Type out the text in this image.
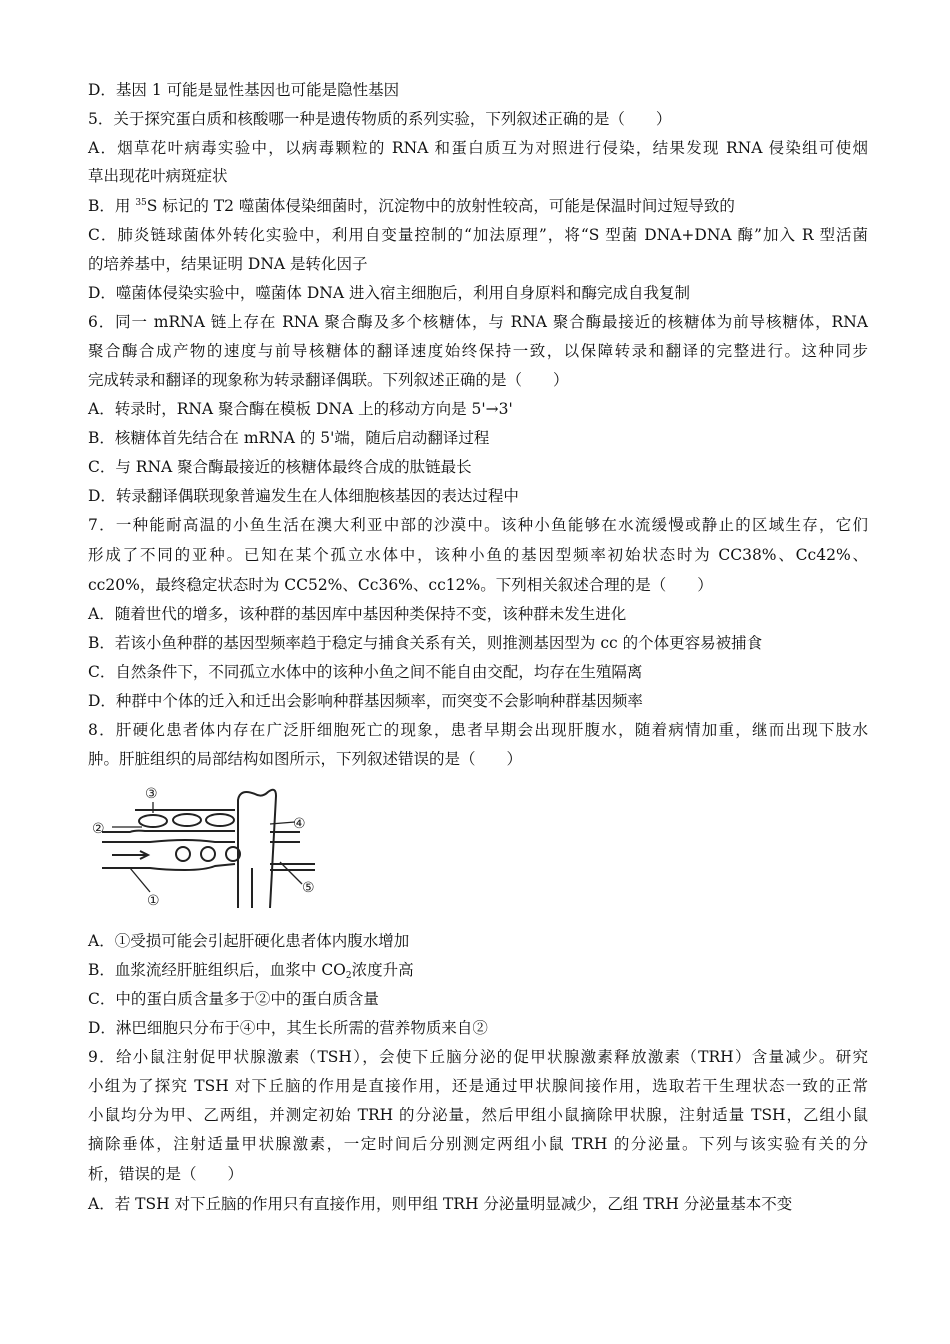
D．基因 1 可能是显性基因也可能是隐性基因
5．关于探究蛋白质和核酸哪一种是遗传物质的系列实验，下列叙述正确的是（　　）
A．烟草花叶病毒实验中，以病毒颗粒的 RNA 和蛋白质互为对照进行侵染，结果发现 RNA 侵染组可使烟
草出现花叶病斑症状
B．用 $^{35}$S 标记的 T2 噬菌体侵染细菌时，沉淀物中的放射性较高，可能是保温时间过短导致的
C．肺炎链球菌体外转化实验中，利用自变量控制的“加法原理”，将“S 型菌 DNA+DNA 酶”加入 R 型活菌
的培养基中，结果证明 DNA 是转化因子
D．噬菌体侵染实验中，噬菌体 DNA 进入宿主细胞后，利用自身原料和酶完成自我复制
6．同一 mRNA 链上存在 RNA 聚合酶及多个核糖体，与 RNA 聚合酶最接近的核糖体为前导核糖体，RNA
聚合酶合成产物的速度与前导核糖体的翻译速度始终保持一致，以保障转录和翻译的完整进行。这种同步
完成转录和翻译的现象称为转录翻译偶联。下列叙述正确的是（　　）
A．转录时，RNA 聚合酶在模板 DNA 上的移动方向是 5'→3'
B．核糖体首先结合在 mRNA 的 5'端，随后启动翻译过程
C．与 RNA 聚合酶最接近的核糖体最终合成的肽链最长
D．转录翻译偶联现象普遍发生在人体细胞核基因的表达过程中
7．一种能耐高温的小鱼生活在澳大利亚中部的沙漠中。该种小鱼能够在水流缓慢或静止的区域生存，它们
形成了不同的亚种。已知在某个孤立水体中，该种小鱼的基因型频率初始状态时为 CC38%、Cc42%、
cc20%，最终稳定状态时为 CC52%、Cc36%、cc12%。下列相关叙述合理的是（　　）
A．随着世代的增多，该种群的基因库中基因种类保持不变，该种群未发生进化
B．若该小鱼种群的基因型频率趋于稳定与捕食关系有关，则推测基因型为 cc 的个体更容易被捕食
C．自然条件下，不同孤立水体中的该种小鱼之间不能自由交配，均存在生殖隔离
D．种群中个体的迁入和迁出会影响种群基因频率，而突变不会影响种群基因频率
8．肝硬化患者体内存在广泛肝细胞死亡的现象，患者早期会出现肝腹水，随着病情加重，继而出现下肢水
肿。肝脏组织的局部结构如图所示，下列叙述错误的是（　　）
③
②	④
①
⑤
A．①受损可能会引起肝硬化患者体内腹水增加
B．血浆流经肝脏组织后，血浆中 $CO_2$浓度升高
C．中的蛋白质含量多于②中的蛋白质含量
D．淋巴细胞只分布于④中，其生长所需的营养物质来自②
9．给小鼠注射促甲状腺激素（TSH），会使下丘脑分泌的促甲状腺激素释放激素（TRH）含量减少。研究
小组为了探究 TSH 对下丘脑的作用是直接作用，还是通过甲状腺间接作用，选取若干生理状态一致的正常
小鼠均分为甲、乙两组，并测定初始 TRH 的分泌量，然后甲组小鼠摘除甲状腺，注射适量 TSH，乙组小鼠
摘除垂体，注射适量甲状腺激素，一定时间后分别测定两组小鼠 TRH 的分泌量。下列与该实验有关的分
析，错误的是（　　）
A．若 TSH 对下丘脑的作用只有直接作用，则甲组 TRH 分泌量明显减少，乙组 TRH 分泌量基本不变
